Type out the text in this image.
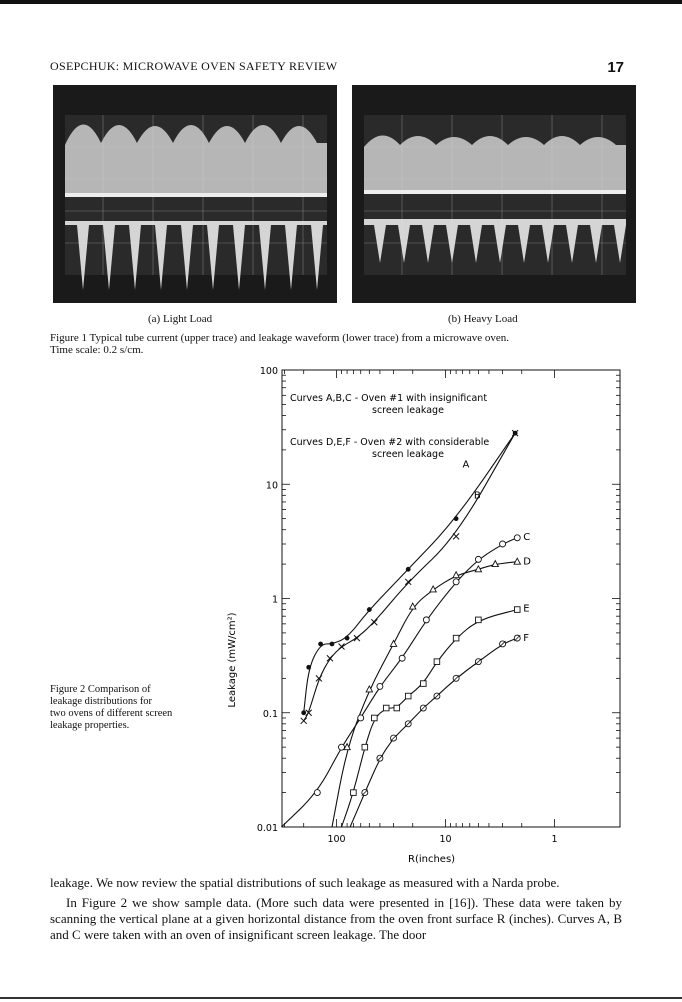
OSEPCHUK: MICROWAVE OVEN SAFETY REVIEW	17
(a) Light Load	(b) Heavy Load
Figure 1 Typical tube current (upper trace) and leakage waveform (lower trace) from a microwave oven.
Time scale: 0.2 s/cm.
Figure 2 Comparison of
leakage distributions for
two ovens of different screen
leakage properties.
100
10
1
0.1
0.01
100	10	1
A
B
C
D
E
F
Curves A,B,C - Oven #1 with insignificant
screen leakage
Curves D,E,F - Oven #2 with considerable
screen leakage
R(inches)
Leakage (mW/cm²)

leakage. We now review the spatial distributions of such leakage as measured with a Narda probe.

In Figure 2 we show sample data. (More such data were presented in [16]). These data were taken by scanning the vertical plane at a given horizontal distance from the oven front surface R (inches). Curves A, B and C were taken with an oven of insignificant screen leakage. The door
